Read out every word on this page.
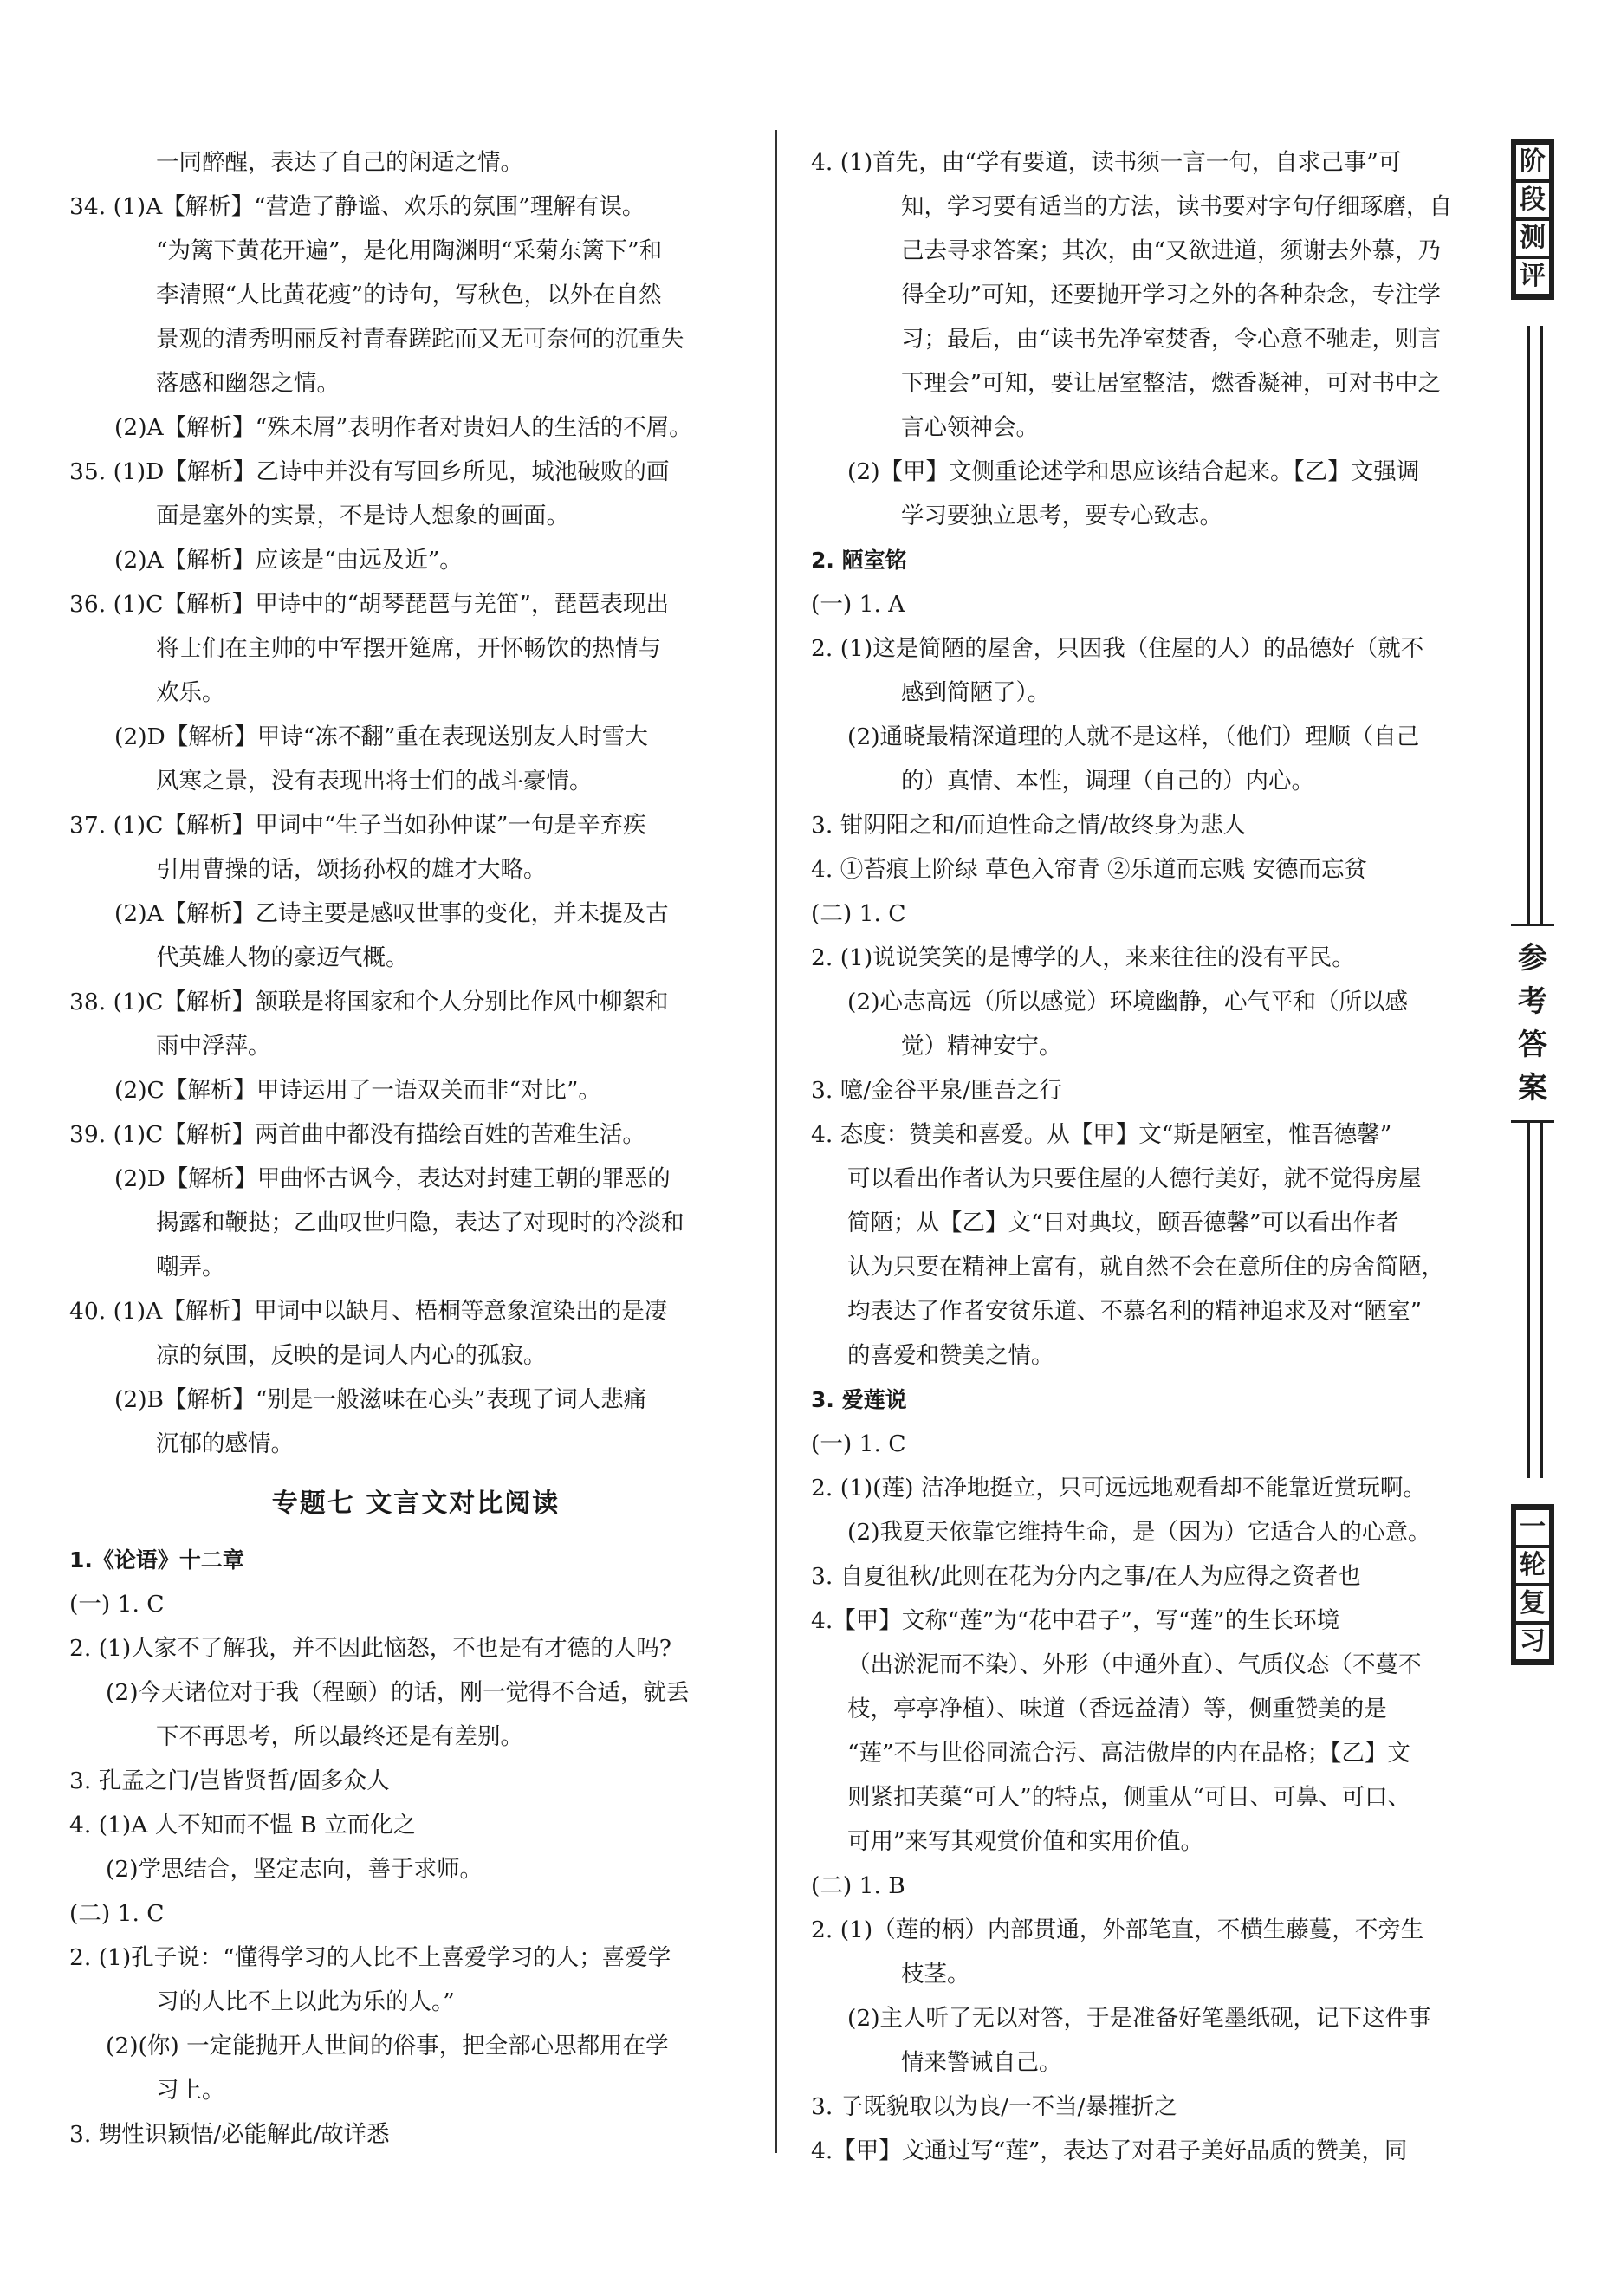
一同醉醒，表达了自己的闲适之情。
34. (1)A【解析】“营造了静谧、欢乐的氛围”理解有误。
“为篱下黄花开遍”，是化用陶渊明“采菊东篱下”和
李清照“人比黄花瘦”的诗句，写秋色，以外在自然
景观的清秀明丽反衬青春蹉跎而又无可奈何的沉重失
落感和幽怨之情。
(2)A【解析】“殊未屑”表明作者对贵妇人的生活的不屑。
35. (1)D【解析】乙诗中并没有写回乡所见，城池破败的画
面是塞外的实景，不是诗人想象的画面。
(2)A【解析】应该是“由远及近”。
36. (1)C【解析】甲诗中的“胡琴琵琶与羌笛”，琵琶表现出
将士们在主帅的中军摆开筵席，开怀畅饮的热情与
欢乐。
(2)D【解析】甲诗“冻不翻”重在表现送别友人时雪大
风寒之景，没有表现出将士们的战斗豪情。
37. (1)C【解析】甲词中“生子当如孙仲谋”一句是辛弃疾
引用曹操的话，颂扬孙权的雄才大略。
(2)A【解析】乙诗主要是感叹世事的变化，并未提及古
代英雄人物的豪迈气概。
38. (1)C【解析】颔联是将国家和个人分别比作风中柳絮和
雨中浮萍。
(2)C【解析】甲诗运用了一语双关而非“对比”。
39. (1)C【解析】两首曲中都没有描绘百姓的苦难生活。
(2)D【解析】甲曲怀古讽今，表达对封建王朝的罪恶的
揭露和鞭挞；乙曲叹世归隐，表达了对现时的冷淡和
嘲弄。
40. (1)A【解析】甲词中以缺月、梧桐等意象渲染出的是凄
凉的氛围，反映的是词人内心的孤寂。
(2)B【解析】“别是一般滋味在心头”表现了词人悲痛
沉郁的感情。
专题七 文言文对比阅读
1.《论语》十二章
(一) 1. C
2. (1)人家不了解我，并不因此恼怒，不也是有才德的人吗?
(2)今天诸位对于我（程颐）的话，刚一觉得不合适，就丢
下不再思考，所以最终还是有差别。
3. 孔孟之门/岂皆贤哲/固多众人
4. (1)A 人不知而不愠 B 立而化之
(2)学思结合，坚定志向，善于求师。
(二) 1. C
2. (1)孔子说：“懂得学习的人比不上喜爱学习的人；喜爱学
习的人比不上以此为乐的人。”
(2)(你) 一定能抛开人世间的俗事，把全部心思都用在学
习上。
3. 甥性识颖悟/必能解此/故详悉
4. (1)首先，由“学有要道，读书须一言一句，自求己事”可
知，学习要有适当的方法，读书要对字句仔细琢磨，自
己去寻求答案；其次，由“又欲进道，须谢去外慕，乃
得全功”可知，还要抛开学习之外的各种杂念，专注学
习；最后，由“读书先净室焚香，令心意不驰走，则言
下理会”可知，要让居室整洁，燃香凝神，可对书中之
言心领神会。
(2)【甲】文侧重论述学和思应该结合起来。【乙】文强调
学习要独立思考，要专心致志。
2. 陋室铭
(一) 1. A
2. (1)这是简陋的屋舍，只因我（住屋的人）的品德好（就不
感到简陋了）。
(2)通晓最精深道理的人就不是这样，（他们）理顺（自己
的）真情、本性，调理（自己的）内心。
3. 钳阴阳之和/而迫性命之情/故终身为悲人
4. ①苔痕上阶绿 草色入帘青 ②乐道而忘贱 安德而忘贫
(二) 1. C
2. (1)说说笑笑的是博学的人，来来往往的没有平民。
(2)心志高远（所以感觉）环境幽静，心气平和（所以感
觉）精神安宁。
3. 噫/金谷平泉/匪吾之行
4. 态度：赞美和喜爱。从【甲】文“斯是陋室，惟吾德馨”
可以看出作者认为只要住屋的人德行美好，就不觉得房屋
简陋；从【乙】文“日对典坟，颐吾德馨”可以看出作者
认为只要在精神上富有，就自然不会在意所住的房舍简陋，
均表达了作者安贫乐道、不慕名利的精神追求及对“陋室”
的喜爱和赞美之情。
3. 爱莲说
(一) 1. C
2. (1)(莲) 洁净地挺立，只可远远地观看却不能靠近赏玩啊。
(2)我夏天依靠它维持生命，是（因为）它适合人的心意。
3. 自夏徂秋/此则在花为分内之事/在人为应得之资者也
4.【甲】文称“莲”为“花中君子”，写“莲”的生长环境
（出淤泥而不染）、外形（中通外直）、气质仪态（不蔓不
枝，亭亭净植）、味道（香远益清）等，侧重赞美的是
“莲”不与世俗同流合污、高洁傲岸的内在品格；【乙】文
则紧扣芙蕖“可人”的特点，侧重从“可目、可鼻、可口、
可用”来写其观赏价值和实用价值。
(二) 1. B
2. (1)（莲的柄）内部贯通，外部笔直，不横生藤蔓，不旁生
枝茎。
(2)主人听了无以对答，于是准备好笔墨纸砚，记下这件事
情来警诫自己。
3. 子既貌取以为良/一不当/暴摧折之
4.【甲】文通过写“莲”，表达了对君子美好品质的赞美，同
阶
段
测
评
参
考
答
案
一
轮
复
习
